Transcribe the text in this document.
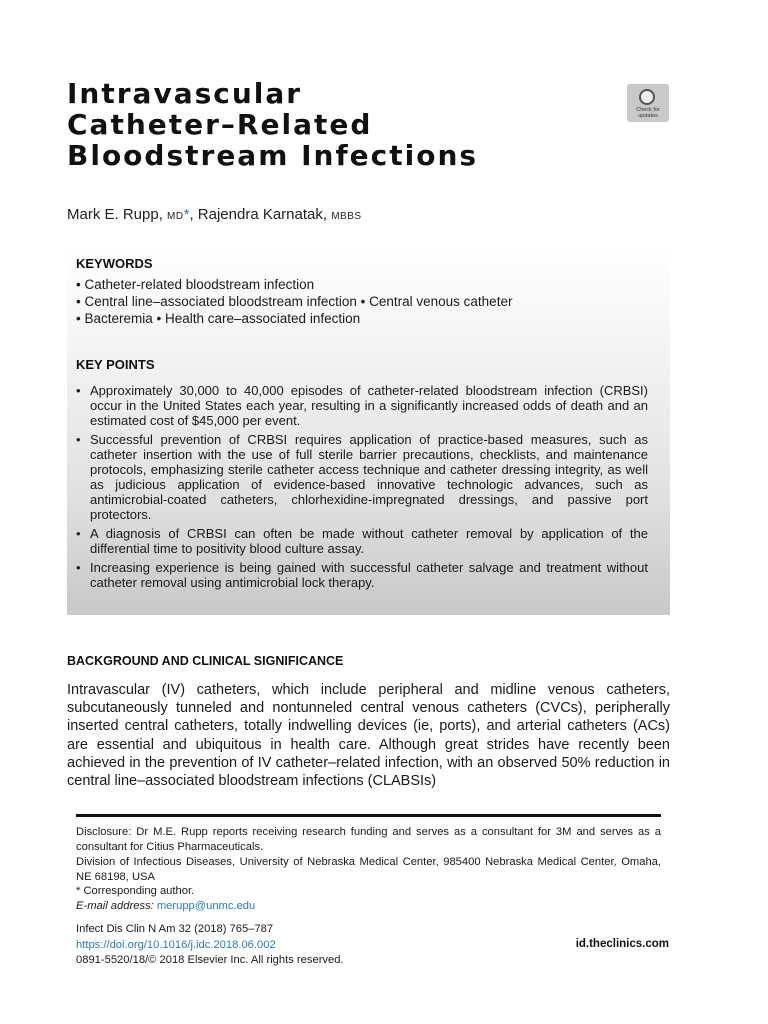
Intravascular
Catheter–Related
Bloodstream Infections
Check for updates
Mark E. Rupp, MD*, Rajendra Karnatak, MBBS
KEYWORDS
• Catheter-related bloodstream infection
• Central line–associated bloodstream infection • Central venous catheter
• Bacteremia • Health care–associated infection
KEY POINTS
• Approximately 30,000 to 40,000 episodes of catheter-related bloodstream infection (CRBSI) occur in the United States each year, resulting in a significantly increased odds of death and an estimated cost of $45,000 per event.
• Successful prevention of CRBSI requires application of practice-based measures, such as catheter insertion with the use of full sterile barrier precautions, checklists, and maintenance protocols, emphasizing sterile catheter access technique and catheter dressing integrity, as well as judicious application of evidence-based innovative technologic advances, such as antimicrobial-coated catheters, chlorhexidine-impregnated dressings, and passive port protectors.
• A diagnosis of CRBSI can often be made without catheter removal by application of the differential time to positivity blood culture assay.
• Increasing experience is being gained with successful catheter salvage and treatment without catheter removal using antimicrobial lock therapy.
BACKGROUND AND CLINICAL SIGNIFICANCE

Intravascular (IV) catheters, which include peripheral and midline venous catheters, subcutaneously tunneled and nontunneled central venous catheters (CVCs), peripherally inserted central catheters, totally indwelling devices (ie, ports), and arterial catheters (ACs) are essential and ubiquitous in health care. Although great strides have recently been achieved in the prevention of IV catheter–related infection, with an observed 50% reduction in central line–associated bloodstream infections (CLABSIs)

Disclosure: Dr M.E. Rupp reports receiving research funding and serves as a consultant for 3M and serves as a consultant for Citius Pharmaceuticals.

Division of Infectious Diseases, University of Nebraska Medical Center, 985400 Nebraska Medical Center, Omaha, NE 68198, USA

* Corresponding author.

E-mail address: merupp@unmc.edu

Infect Dis Clin N Am 32 (2018) 765–787
https://doi.org/10.1016/j.idc.2018.06.002
0891-5520/18/© 2018 Elsevier Inc. All rights reserved.
id.theclinics.com
